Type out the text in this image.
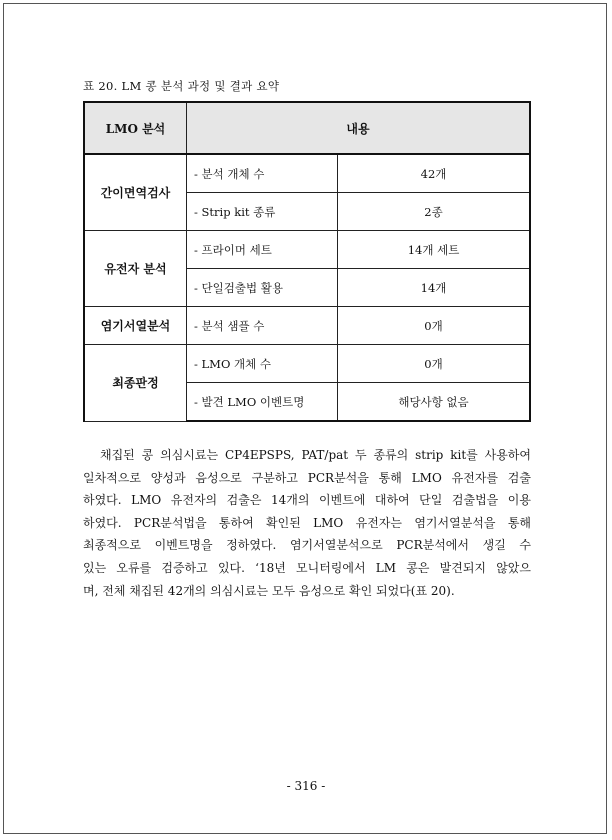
표 20. LM 콩 분석 과정 및 결과 요약
LMO 분석	내용	
간이면역검사	- 분석 개체 수	42개
	- Strip kit 종류	2종
유전자 분석	- 프라이머 세트	14개 세트
	- 단일검출법 활용	14개
염기서열분석	- 분석 샘플 수	0개
최종판정	- LMO 개체 수	0개
	- 발견 LMO 이벤트명	해당사항 없음
채집된 콩 의심시료는 CP4EPSPS, PAT/pat 두 종류의 strip kit를 사용하여
일차적으로 양성과 음성으로 구분하고 PCR분석을 통해 LMO 유전자를 검출
하였다. LMO 유전자의 검출은 14개의 이벤트에 대하여 단일 검출법을 이용
하였다. PCR분석법을 통하여 확인된 LMO 유전자는 염기서열분석을 통해
최종적으로 이벤트명을 정하였다. 염기서열분석으로 PCR분석에서 생길 수
있는 오류를 검증하고 있다. ‘18년 모니터링에서 LM 콩은 발견되지 않았으
며, 전체 채집된 42개의 의심시료는 모두 음성으로 확인 되었다(표 20).
- 316 -
